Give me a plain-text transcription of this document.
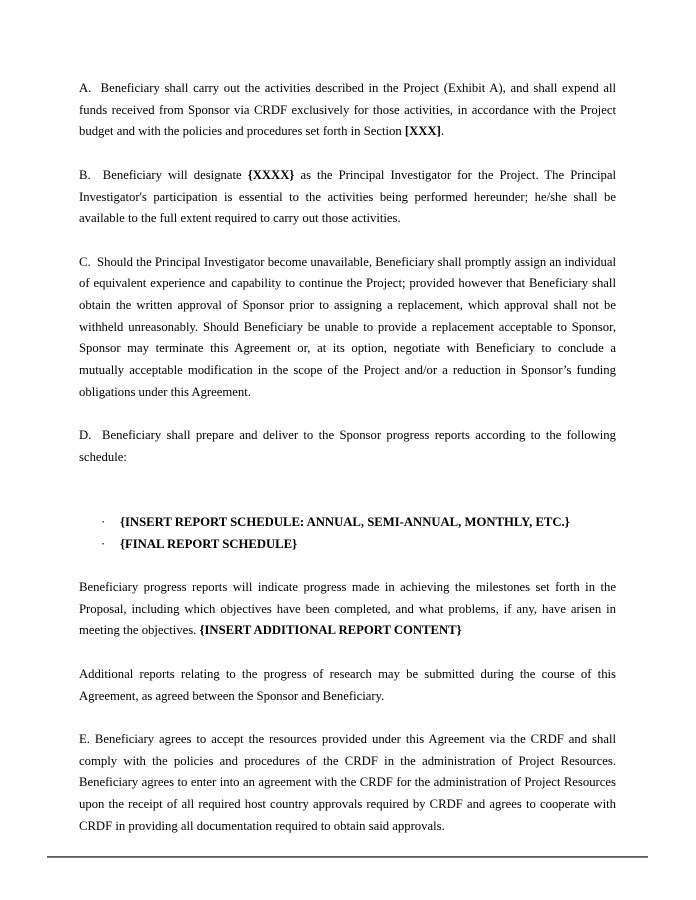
A. Beneficiary shall carry out the activities described in the Project (Exhibit A), and shall expend all funds received from Sponsor via CRDF exclusively for those activities, in accordance with the Project budget and with the policies and procedures set forth in Section [XXX].

B. Beneficiary will designate {XXXX} as the Principal Investigator for the Project. The Principal Investigator's participation is essential to the activities being performed hereunder; he/she shall be available to the full extent required to carry out those activities.

C. Should the Principal Investigator become unavailable, Beneficiary shall promptly assign an individual of equivalent experience and capability to continue the Project; provided however that Beneficiary shall obtain the written approval of Sponsor prior to assigning a replacement, which approval shall not be withheld unreasonably. Should Beneficiary be unable to provide a replacement acceptable to Sponsor, Sponsor may terminate this Agreement or, at its option, negotiate with Beneficiary to conclude a mutually acceptable modification in the scope of the Project and/or a reduction in Sponsor’s funding obligations under this Agreement.

D. Beneficiary shall prepare and deliver to the Sponsor progress reports according to the following schedule:

· {INSERT REPORT SCHEDULE: ANNUAL, SEMI-ANNUAL, MONTHLY, ETC.}
· {FINAL REPORT SCHEDULE}

Beneficiary progress reports will indicate progress made in achieving the milestones set forth in the Proposal, including which objectives have been completed, and what problems, if any, have arisen in meeting the objectives. {INSERT ADDITIONAL REPORT CONTENT}

Additional reports relating to the progress of research may be submitted during the course of this Agreement, as agreed between the Sponsor and Beneficiary.

E. Beneficiary agrees to accept the resources provided under this Agreement via the CRDF and shall comply with the policies and procedures of the CRDF in the administration of Project Resources. Beneficiary agrees to enter into an agreement with the CRDF for the administration of Project Resources upon the receipt of all required host country approvals required by CRDF and agrees to cooperate with CRDF in providing all documentation required to obtain said approvals.
